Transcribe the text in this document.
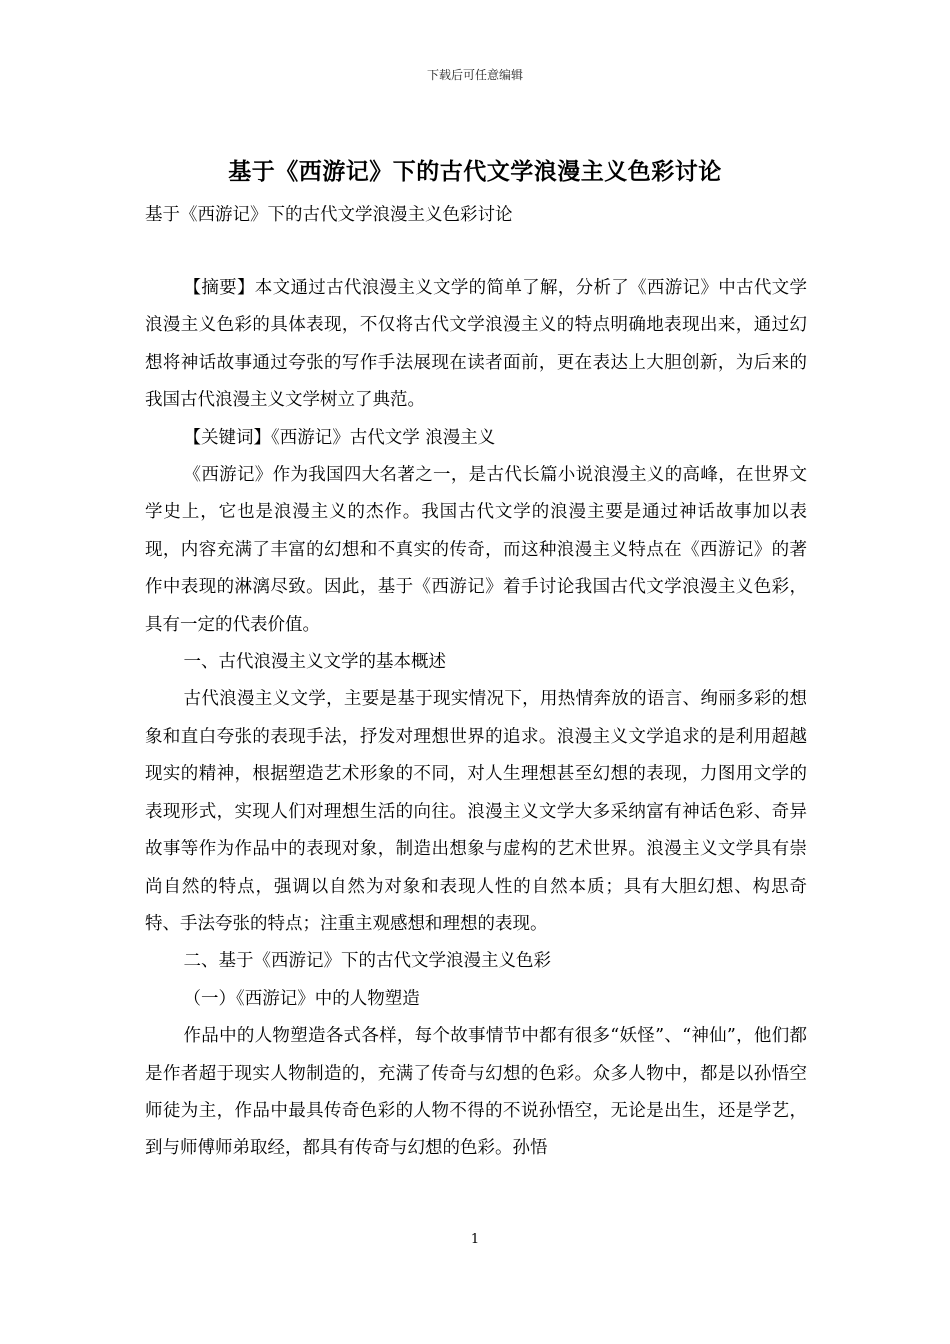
下载后可任意编辑
基于《西游记》下的古代文学浪漫主义色彩讨论
基于《西游记》下的古代文学浪漫主义色彩讨论

【摘要】本文通过古代浪漫主义文学的简单了解，分析了《西游记》中古代文学浪漫主义色彩的具体表现，不仅将古代文学浪漫主义的特点明确地表现出来，通过幻想将神话故事通过夸张的写作手法展现在读者面前，更在表达上大胆创新，为后来的我国古代浪漫主义文学树立了典范。

【关键词】《西游记》古代文学 浪漫主义

《西游记》作为我国四大名著之一，是古代长篇小说浪漫主义的高峰，在世界文学史上，它也是浪漫主义的杰作。我国古代文学的浪漫主要是通过神话故事加以表现，内容充满了丰富的幻想和不真实的传奇，而这种浪漫主义特点在《西游记》的著作中表现的淋漓尽致。因此，基于《西游记》着手讨论我国古代文学浪漫主义色彩，具有一定的代表价值。

一、古代浪漫主义文学的基本概述

古代浪漫主义文学，主要是基于现实情况下，用热情奔放的语言、绚丽多彩的想象和直白夸张的表现手法，抒发对理想世界的追求。浪漫主义文学追求的是利用超越现实的精神，根据塑造艺术形象的不同，对人生理想甚至幻想的表现，力图用文学的表现形式，实现人们对理想生活的向往。浪漫主义文学大多采纳富有神话色彩、奇异故事等作为作品中的表现对象，制造出想象与虚构的艺术世界。浪漫主义文学具有崇尚自然的特点，强调以自然为对象和表现人性的自然本质；具有大胆幻想、构思奇特、手法夸张的特点；注重主观感想和理想的表现。

二、基于《西游记》下的古代文学浪漫主义色彩

（一）《西游记》中的人物塑造

作品中的人物塑造各式各样，每个故事情节中都有很多“妖怪”、“神仙”，他们都是作者超于现实人物制造的，充满了传奇与幻想的色彩。众多人物中，都是以孙悟空师徒为主，作品中最具传奇色彩的人物不得的不说孙悟空，无论是出生，还是学艺，到与师傅师弟取经，都具有传奇与幻想的色彩。孙悟

1
